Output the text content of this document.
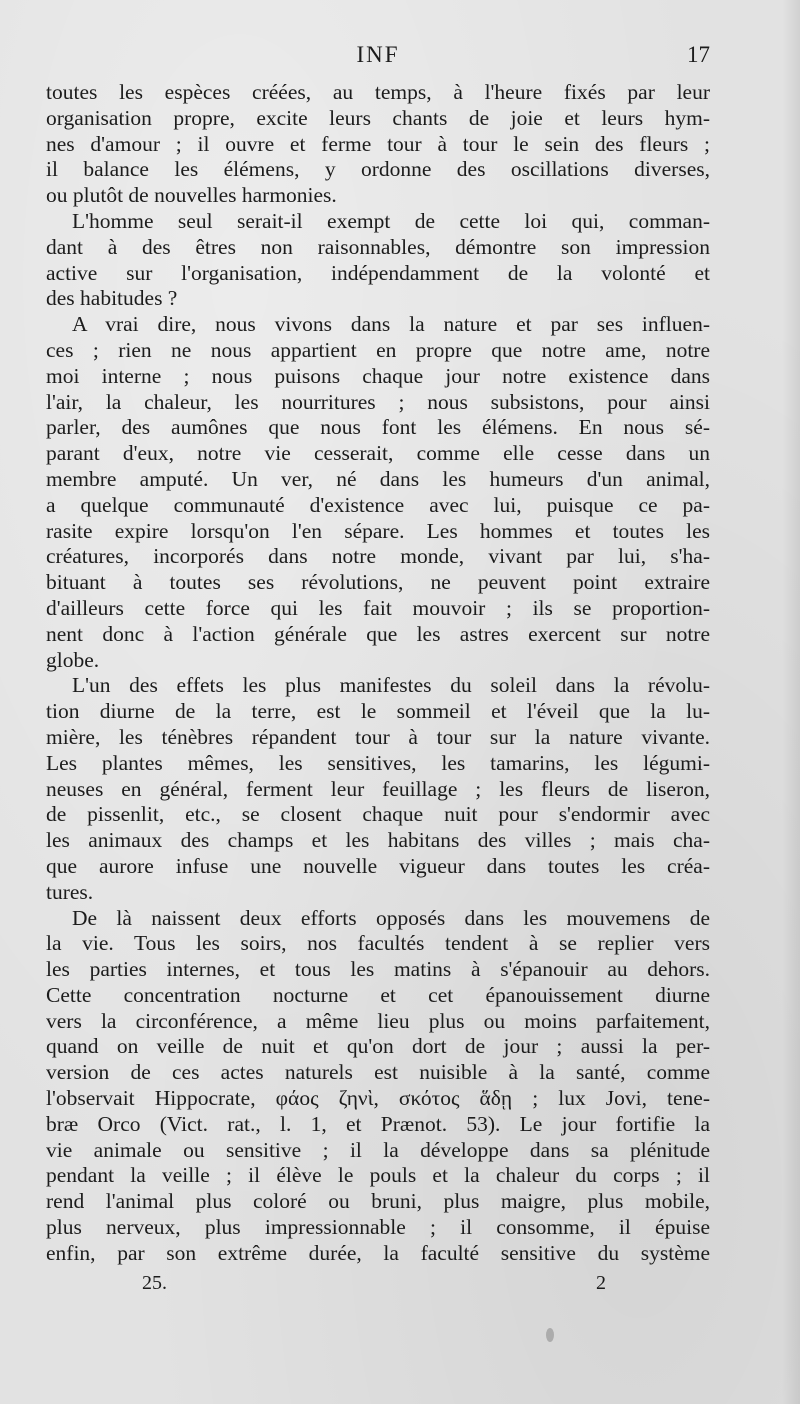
INF	17
toutes les espèces créées, au temps, à l'heure fixés par leur
organisation propre, excite leurs chants de joie et leurs hym-
nes d'amour ; il ouvre et ferme tour à tour le sein des fleurs ;
il balance les élémens, y ordonne des oscillations diverses,
ou plutôt de nouvelles harmonies.
L'homme seul serait-il exempt de cette loi qui, comman-
dant à des êtres non raisonnables, démontre son impression
active sur l'organisation, indépendamment de la volonté et
des habitudes ?
A vrai dire, nous vivons dans la nature et par ses influen-
ces ; rien ne nous appartient en propre que notre ame, notre
moi interne ; nous puisons chaque jour notre existence dans
l'air, la chaleur, les nourritures ; nous subsistons, pour ainsi
parler, des aumônes que nous font les élémens. En nous sé-
parant d'eux, notre vie cesserait, comme elle cesse dans un
membre amputé. Un ver, né dans les humeurs d'un animal,
a quelque communauté d'existence avec lui, puisque ce pa-
rasite expire lorsqu'on l'en sépare. Les hommes et toutes les
créatures, incorporés dans notre monde, vivant par lui, s'ha-
bituant à toutes ses révolutions, ne peuvent point extraire
d'ailleurs cette force qui les fait mouvoir ; ils se proportion-
nent donc à l'action générale que les astres exercent sur notre
globe.
L'un des effets les plus manifestes du soleil dans la révolu-
tion diurne de la terre, est le sommeil et l'éveil que la lu-
mière, les ténèbres répandent tour à tour sur la nature vivante.
Les plantes mêmes, les sensitives, les tamarins, les légumi-
neuses en général, ferment leur feuillage ; les fleurs de liseron,
de pissenlit, etc., se closent chaque nuit pour s'endormir avec
les animaux des champs et les habitans des villes ; mais cha-
que aurore infuse une nouvelle vigueur dans toutes les créa-
tures.
De là naissent deux efforts opposés dans les mouvemens de
la vie. Tous les soirs, nos facultés tendent à se replier vers
les parties internes, et tous les matins à s'épanouir au dehors.
Cette concentration nocturne et cet épanouissement diurne
vers la circonférence, a même lieu plus ou moins parfaitement,
quand on veille de nuit et qu'on dort de jour ; aussi la per-
version de ces actes naturels est nuisible à la santé, comme
l'observait Hippocrate, φάος ζηνὶ, σκότος ἅδῃ ; lux Jovi, tene-
bræ Orco (Vict. rat., l. 1, et Prænot. 53). Le jour fortifie la
vie animale ou sensitive ; il la développe dans sa plénitude
pendant la veille ; il élève le pouls et la chaleur du corps ; il
rend l'animal plus coloré ou bruni, plus maigre, plus mobile,
plus nerveux, plus impressionnable ; il consomme, il épuise
enfin, par son extrême durée, la faculté sensitive du système
25.	2
